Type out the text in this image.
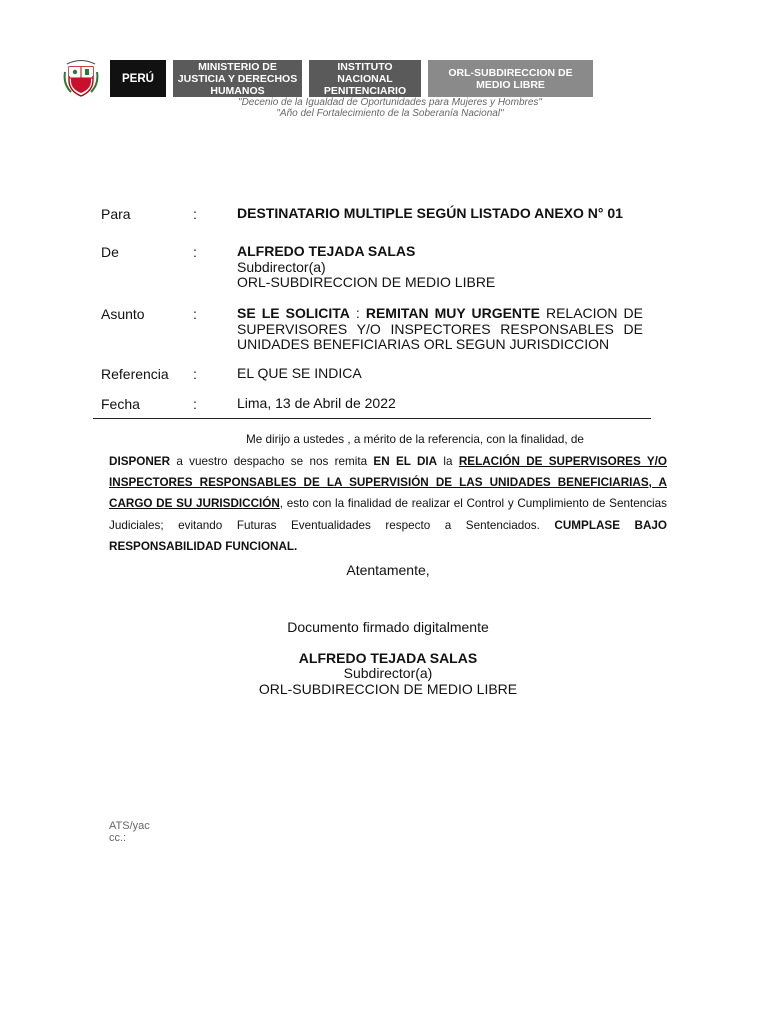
PERÚ
MINISTERIO DE JUSTICIA Y DERECHOS HUMANOS
INSTITUTO NACIONAL PENITENCIARIO
ORL-SUBDIRECCION DE MEDIO LIBRE
"Decenio de la Igualdad de Oportunidades para Mujeres y Hombres"
"Año del Fortalecimiento de la Soberanía Nacional"
Para	:	DESTINATARIO MULTIPLE SEGÚN LISTADO ANEXO N° 01
De	:	ALFREDO TEJADA SALAS
Subdirector(a)
ORL-SUBDIRECCION DE MEDIO LIBRE
Asunto	:	SE LE SOLICITA : REMITAN MUY URGENTE RELACION DE SUPERVISORES Y/O INSPECTORES RESPONSABLES DE UNIDADES BENEFICIARIAS ORL SEGUN JURISDICCION
Referencia :	EL QUE SE INDICA
Fecha	:	Lima, 13 de Abril de 2022
Me dirijo a ustedes , a mérito de la referencia, con la finalidad, de

DISPONER a vuestro despacho se nos remita EN EL DIA la RELACIÓN DE SUPERVISORES Y/O INSPECTORES RESPONSABLES DE LA SUPERVISIÓN DE LAS UNIDADES BENEFICIARIAS, A CARGO DE SU JURISDICCIÓN, esto con la finalidad de realizar el Control y Cumplimiento de Sentencias Judiciales; evitando Futuras Eventualidades respecto a Sentenciados. CUMPLASE BAJO RESPONSABILIDAD FUNCIONAL.

Atentamente,
Documento firmado digitalmente
ALFREDO TEJADA SALAS
Subdirector(a)
ORL-SUBDIRECCION DE MEDIO LIBRE
ATS/yac
cc.:
